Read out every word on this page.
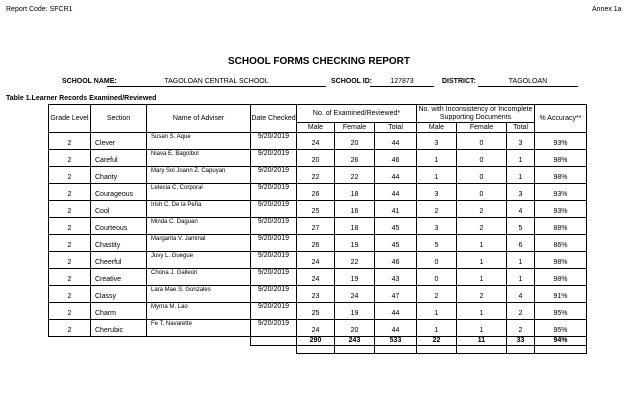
Report Code: SFCR1	Annex 1a
SCHOOL FORMS CHECKING REPORT
SCHOOL NAME:	TAGOLOAN CENTRAL SCHOOL	SCHOOL ID:	127873	DISTRICT:	TAGOLOAN
Table 1.Learner Records Examined/Reviewed
Grade Level	Section	Name of Adviser	Date Checked	No. of Examined/Reviewed*			No. with Inconsistency or Incomplete Supporting Documents			% Accuracy**
				Male	Female	Total	Male	Female	Total	
2	Clever	Susan S. Aque	9/20/2019	24	20	44	3	0	3	93%
2	Careful	Niava E. Bagolbol	9/20/2019	20	26	46	1	0	1	98%
2	Charity	Mary Sol Joann Z. Capuyan	9/20/2019	22	22	44	1	0	1	98%
2	Courageous	Letecia C. Corporal	9/20/2019	26	18	44	3	0	3	93%
2	Cool	Irish C. De la Peña	9/20/2019	25	16	41	2	2	4	93%
2	Courteous	Minda C. Daguan	9/20/2019	27	18	45	3	2	5	88%
2	Chastity	Margarita V. Jaminal	9/20/2019	26	19	45	5	1	6	86%
2	Cheerful	Juvy L. Guegue	9/20/2019	24	22	46	0	1	1	98%
2	Creative	Chona J. Galleon	9/20/2019	24	19	43	0	1	1	98%
2	Classy	Lara Mae S. Gonzales	9/20/2019	23	24	47	2	2	4	91%
2	Charm	Myrna M. Lao	9/20/2019	25	19	44	1	1	2	95%
2	Cherubic	Fe T. Navarette	9/20/2019	24	20	44	1	1	2	95%
				290	243	533	22	11	33	94%
